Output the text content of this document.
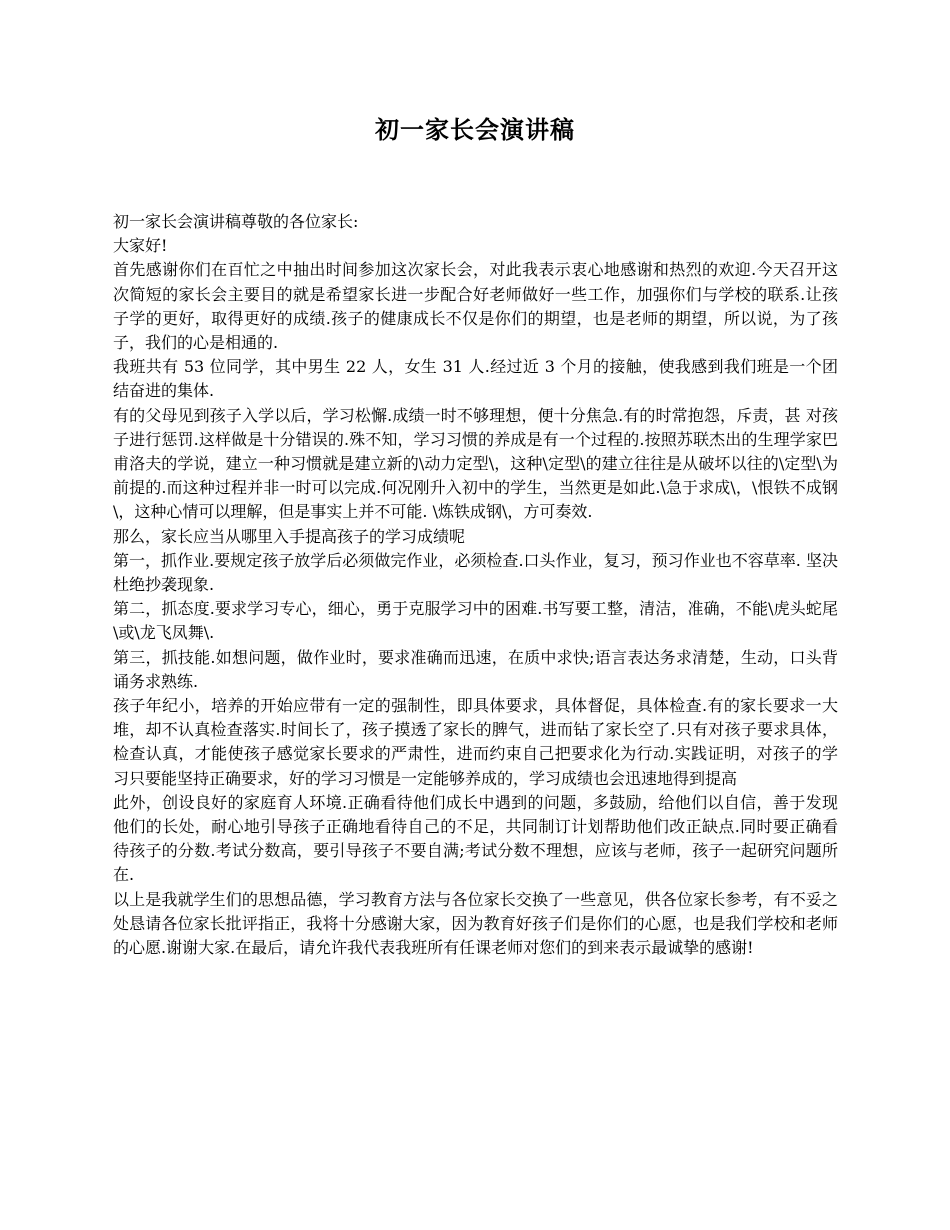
初一家长会演讲稿

初一家长会演讲稿尊敬的各位家长:

大家好!

首先感谢你们在百忙之中抽出时间参加这次家长会，对此我表示衷心地感谢和热烈的欢迎.今天召开这次简短的家长会主要目的就是希望家长进一步配合好老师做好一些工作，加强你们与学校的联系.让孩子学的更好，取得更好的成绩.孩子的健康成长不仅是你们的期望，也是老师的期望，所以说，为了孩子，我们的心是相通的.

我班共有 53 位同学，其中男生 22 人，女生 31 人.经过近 3 个月的接触，使我感到我们班是一个团结奋进的集体.

有的父母见到孩子入学以后，学习松懈.成绩一时不够理想，便十分焦急.有的时常抱怨，斥责，甚 对孩子进行惩罚.这样做是十分错误的.殊不知，学习习惯的养成是有一个过程的.按照苏联杰出的生理学家巴甫洛夫的学说，建立一种习惯就是建立新的\动力定型\，这种\定型\的建立往往是从破坏以往的\定型\为前提的.而这种过程并非一时可以完成.何况刚升入初中的学生，当然更是如此.\急于求成\，\恨铁不成钢\，这种心情可以理解，但是事实上并不可能. \炼铁成钢\，方可奏效.

那么，家长应当从哪里入手提高孩子的学习成绩呢

第一，抓作业.要规定孩子放学后必须做完作业，必须检查.口头作业，复习，预习作业也不容草率. 坚决杜绝抄袭现象.

第二，抓态度.要求学习专心，细心，勇于克服学习中的困难.书写要工整，清洁，准确，不能\虎头蛇尾\或\龙飞凤舞\.

第三，抓技能.如想问题，做作业时，要求准确而迅速，在质中求快;语言表达务求清楚，生动，口头背诵务求熟练.

孩子年纪小，培养的开始应带有一定的强制性，即具体要求，具体督促，具体检查.有的家长要求一大堆，却不认真检查落实.时间长了，孩子摸透了家长的脾气，进而钻了家长空了.只有对孩子要求具体，检查认真，才能使孩子感觉家长要求的严肃性，进而约束自己把要求化为行动.实践证明，对孩子的学习只要能坚持正确要求，好的学习习惯是一定能够养成的，学习成绩也会迅速地得到提高

此外，创设良好的家庭育人环境.正确看待他们成长中遇到的问题，多鼓励，给他们以自信，善于发现他们的长处，耐心地引导孩子正确地看待自己的不足，共同制订计划帮助他们改正缺点.同时要正确看待孩子的分数.考试分数高，要引导孩子不要自满;考试分数不理想，应该与老师，孩子一起研究问题所在.

以上是我就学生们的思想品德，学习教育方法与各位家长交换了一些意见，供各位家长参考，有不妥之处恳请各位家长批评指正，我将十分感谢大家，因为教育好孩子们是你们的心愿，也是我们学校和老师的心愿.谢谢大家.在最后，请允许我代表我班所有任课老师对您们的到来表示最诚挚的感谢!
